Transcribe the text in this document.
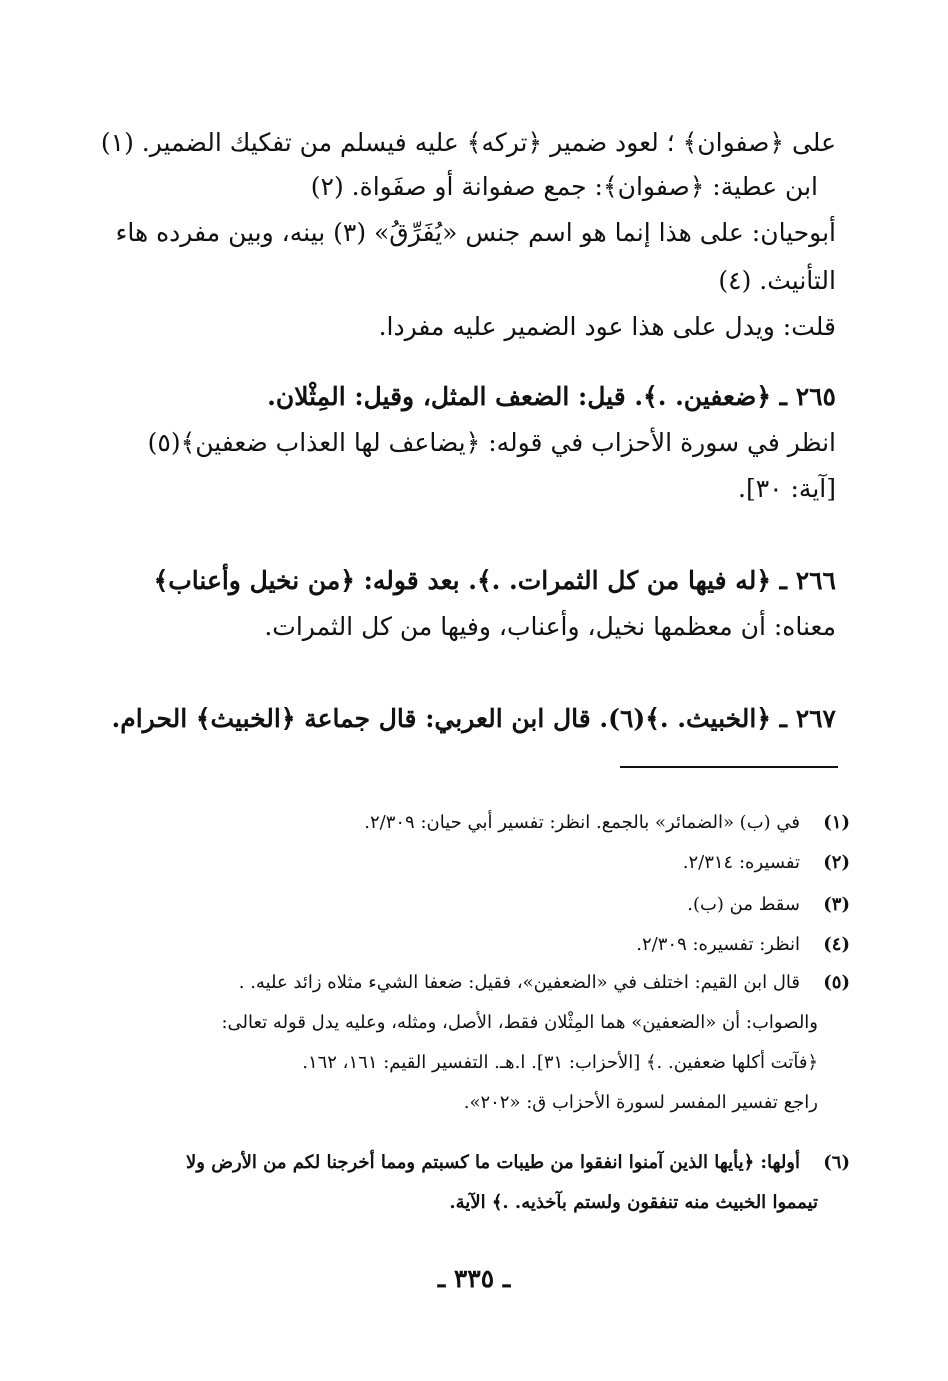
على ﴿صفوان﴾ ؛ لعود ضمير ﴿تركه﴾ عليه فيسلم من تفكيك الضمير. (١)
ابن عطية: ﴿صفوان﴾: جمع صفوانة أو صفَواة. (٢)
أبوحيان: على هذا إنما هو اسم جنس «يُفَرِّقُ» (٣) بينه، وبين مفرده هاء
التأنيث. (٤)
قلت: ويدل على هذا عود الضمير عليه مفردا.
٢٦٥ ـ ﴿ضعفين. .﴾. قيل: الضعف المثل، وقيل: المِثْلان.
انظر في سورة الأحزاب في قوله: ﴿يضاعف لها العذاب ضعفين﴾(٥)
[آية: ٣٠].
٢٦٦ ـ ﴿له فيها من كل الثمرات. .﴾. بعد قوله: ﴿من نخيل وأعناب﴾
معناه: أن معظمها نخيل، وأعناب، وفيها من كل الثمرات.
٢٦٧ ـ ﴿الخبيث. .﴾(٦). قال ابن العربي: قال جماعة ﴿الخبيث﴾ الحرام.
(١)
في (ب) «الضمائر» بالجمع. انظر: تفسير أبي حيان: ٢/٣٠٩.
(٢)
تفسيره: ٢/٣١٤.
(٣)
سقط من (ب).
(٤)
انظر: تفسيره: ٢/٣٠٩.
(٥)
قال ابن القيم: اختلف في «الضعفين»، فقيل: ضعفا الشيء مثلاه زائد عليه. .
والصواب: أن «الضعفين» هما المِثْلان فقط، الأصل، ومثله، وعليه يدل قوله تعالى:
﴿فآتت أكلها ضعفين. .﴾ [الأحزاب: ٣١]. ا.هـ. التفسير القيم: ١٦١، ١٦٢.
راجع تفسير المفسر لسورة الأحزاب ق: «٢٠٢».
(٦)
أولها: ﴿يأيها الذين آمنوا انفقوا من طيبات ما كسبتم ومما أخرجنا لكم من الأرض ولا
تيمموا الخبيث منه تنفقون ولستم بآخذيه. .﴾ الآية.
ـ ٣٣٥ ـ
